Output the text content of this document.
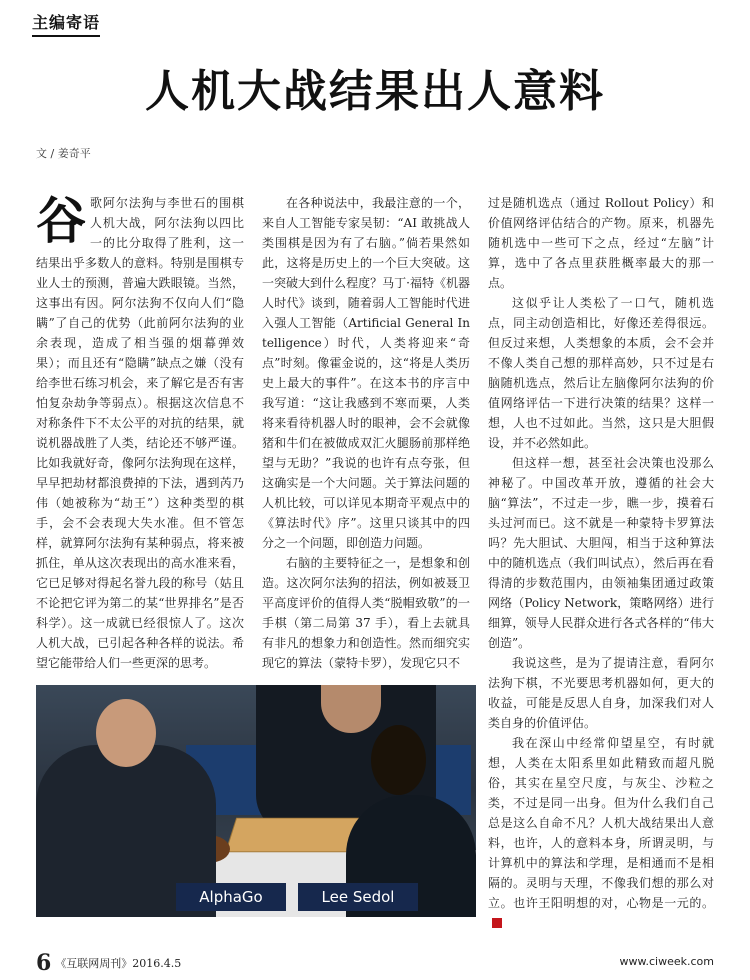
主编寄语
人机大战结果出人意料
文 / 姜奇平

谷歌阿尔法狗与李世石的围棋人机大战，阿尔法狗以四比一的比分取得了胜利，这一结果出乎多数人的意料。特别是围棋专业人士的预测，普遍大跌眼镜。当然，这事出有因。阿尔法狗不仅向人们“隐瞒”了自己的优势（此前阿尔法狗的业余表现，造成了相当强的烟幕弹效果）；而且还有“隐瞒”缺点之嫌（没有给李世石练习机会，来了解它是否有害怕复杂劫争等弱点）。根据这次信息不对称条件下不太公平的对抗的结果，就说机器战胜了人类，结论还不够严谨。比如我就好奇，像阿尔法狗现在这样，早早把劫材都浪费掉的下法，遇到芮乃伟（她被称为“劫王”）这种类型的棋手，会不会表现大失水准。但不管怎样，就算阿尔法狗有某种弱点，将来被抓住，单从这次表现出的高水准来看，它已足够对得起名誉九段的称号（姑且不论把它评为第二的某“世界排名”是否科学）。这一成就已经很惊人了。这次人机大战，已引起各种各样的说法。希望它能带给人们一些更深的思考。

在各种说法中，我最注意的一个，来自人工智能专家吴韧：“AI 敢挑战人类围棋是因为有了右脑。”倘若果然如此，这将是历史上的一个巨大突破。这一突破大到什么程度？马丁·福特《机器人时代》谈到，随着弱人工智能时代进入强人工智能（Artificial General Intelligence）时代，人类将迎来“奇点”时刻。像霍金说的，这“将是人类历史上最大的事件”。在这本书的序言中我写道：“这让我感到不寒而栗，人类将来看待机器人时的眼神，会不会就像猪和牛们在被做成双汇火腿肠前那样绝望与无助？”我说的也许有点夸张，但这确实是一个大问题。关于算法问题的人机比较，可以详见本期奇平观点中的《算法时代》序”。这里只谈其中的四分之一个问题，即创造力问题。

右脑的主要特征之一，是想象和创造。这次阿尔法狗的招法，例如被聂卫平高度评价的值得人类“脱帽致敬”的一手棋（第二局第 37 手），看上去就具有非凡的想象力和创造性。然而细究实现它的算法（蒙特卡罗），发现它只不

过是随机选点（通过 Rollout Policy）和价值网络评估结合的产物。原来，机器先随机选中一些可下之点，经过“左脑”计算，选中了各点里获胜概率最大的那一点。

这似乎让人类松了一口气，随机选点，同主动创造相比，好像还差得很远。但反过来想，人类想象的本质，会不会并不像人类自己想的那样高妙，只不过是右脑随机选点，然后让左脑像阿尔法狗的价值网络评估一下进行决策的结果？这样一想，人也不过如此。当然，这只是大胆假设，并不必然如此。

但这样一想，甚至社会决策也没那么神秘了。中国改革开放，遵循的社会大脑“算法”，不过走一步，瞧一步，摸着石头过河而已。这不就是一种蒙特卡罗算法吗？先大胆试、大胆闯，相当于这种算法中的随机选点（我们叫试点），然后再在看得清的步数范围内，由领袖集团通过政策网络（Policy Network，策略网络）进行细算，领导人民群众进行各式各样的“伟大创造”。

我说这些，是为了提请注意，看阿尔法狗下棋，不光要思考机器如何，更大的收益，可能是反思人自身，加深我们对人类自身的价值评估。

我在深山中经常仰望星空，有时就想，人类在太阳系里如此精致而超凡脱俗，其实在星空尺度，与灰尘、沙粒之类，不过是同一出身。但为什么我们自己总是这么自命不凡？人机大战结果出人意料，也许，人的意料本身，所谓灵明，与计算机中的算法和学理，是相通而不是相隔的。灵明与天理，不像我们想的那么对立。也许王阳明想的对，心物是一元的。

AlphaGo	Lee Sedol
6 《互联网周刊》2016.4.5	www.ciweek.com
